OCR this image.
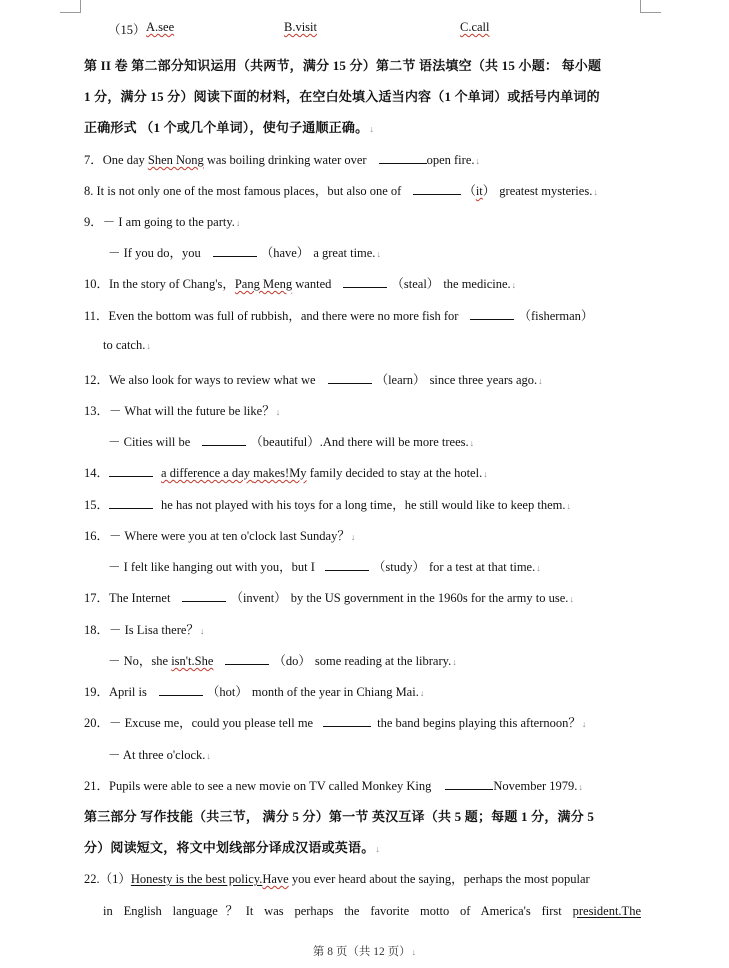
（15） A.see	B.visit	C.call
第 II 卷 第二部分知识运用（共两节，满分 15 分）第二节 语法填空（共 15 小题： 每小题
1 分，满分 15 分）阅读下面的材料，在空白处填入适当内容（1 个单词）或括号内单词的
正确形式 （1 个或几个单词），使句子通顺正确。↓
7．One day Shen Nong was boiling drinking water over	open fire.↓
8. It is not only one of the most famous places，but also one of	（it） greatest mysteries.↓
9．－ I am going to the party.↓
－ If you do，you	（have） a great time.↓
10．In the story of Chang's，Pang Meng wanted	（steal） the medicine.↓
11．Even the bottom was full of rubbish，and there were no more fish for	（fisherman）
to catch.↓
12．We also look for ways to review what we	（learn） since three years ago.↓
13．－ What will the future be like？↓
－ Cities will be	（beautiful）.And there will be more trees.↓
14．	a difference a day makes!My family decided to stay at the hotel.↓
15．	he has not played with his toys for a long time，he still would like to keep them.↓
16．－ Where were you at ten o'clock last Sunday？↓
－ I felt like hanging out with you，but I	（study） for a test at that time.↓
17．The Internet	（invent） by the US government in the 1960s for the army to use.↓
18．－ Is Lisa there？↓
－ No，she isn't.She	（do） some reading at the library.↓
19．April is	（hot） month of the year in Chiang Mai.↓
20．－ Excuse me，could you please tell me	the band begins playing this afternoon？↓
－ At three o'clock.↓
21．Pupils were able to see a new movie on TV called Monkey King	November 1979.↓
第三部分 写作技能（共三节， 满分 5 分）第一节 英汉互译（共 5 题；每题 1 分，满分 5
分）阅读短文，将文中划线部分译成汉语或英语。↓
22.（1）Honesty is the best policy.Have you ever heard about the saying，perhaps the most popular
in English language？It was perhaps the favorite motto of America's first president.The
第 8 页（共 12 页）↓
